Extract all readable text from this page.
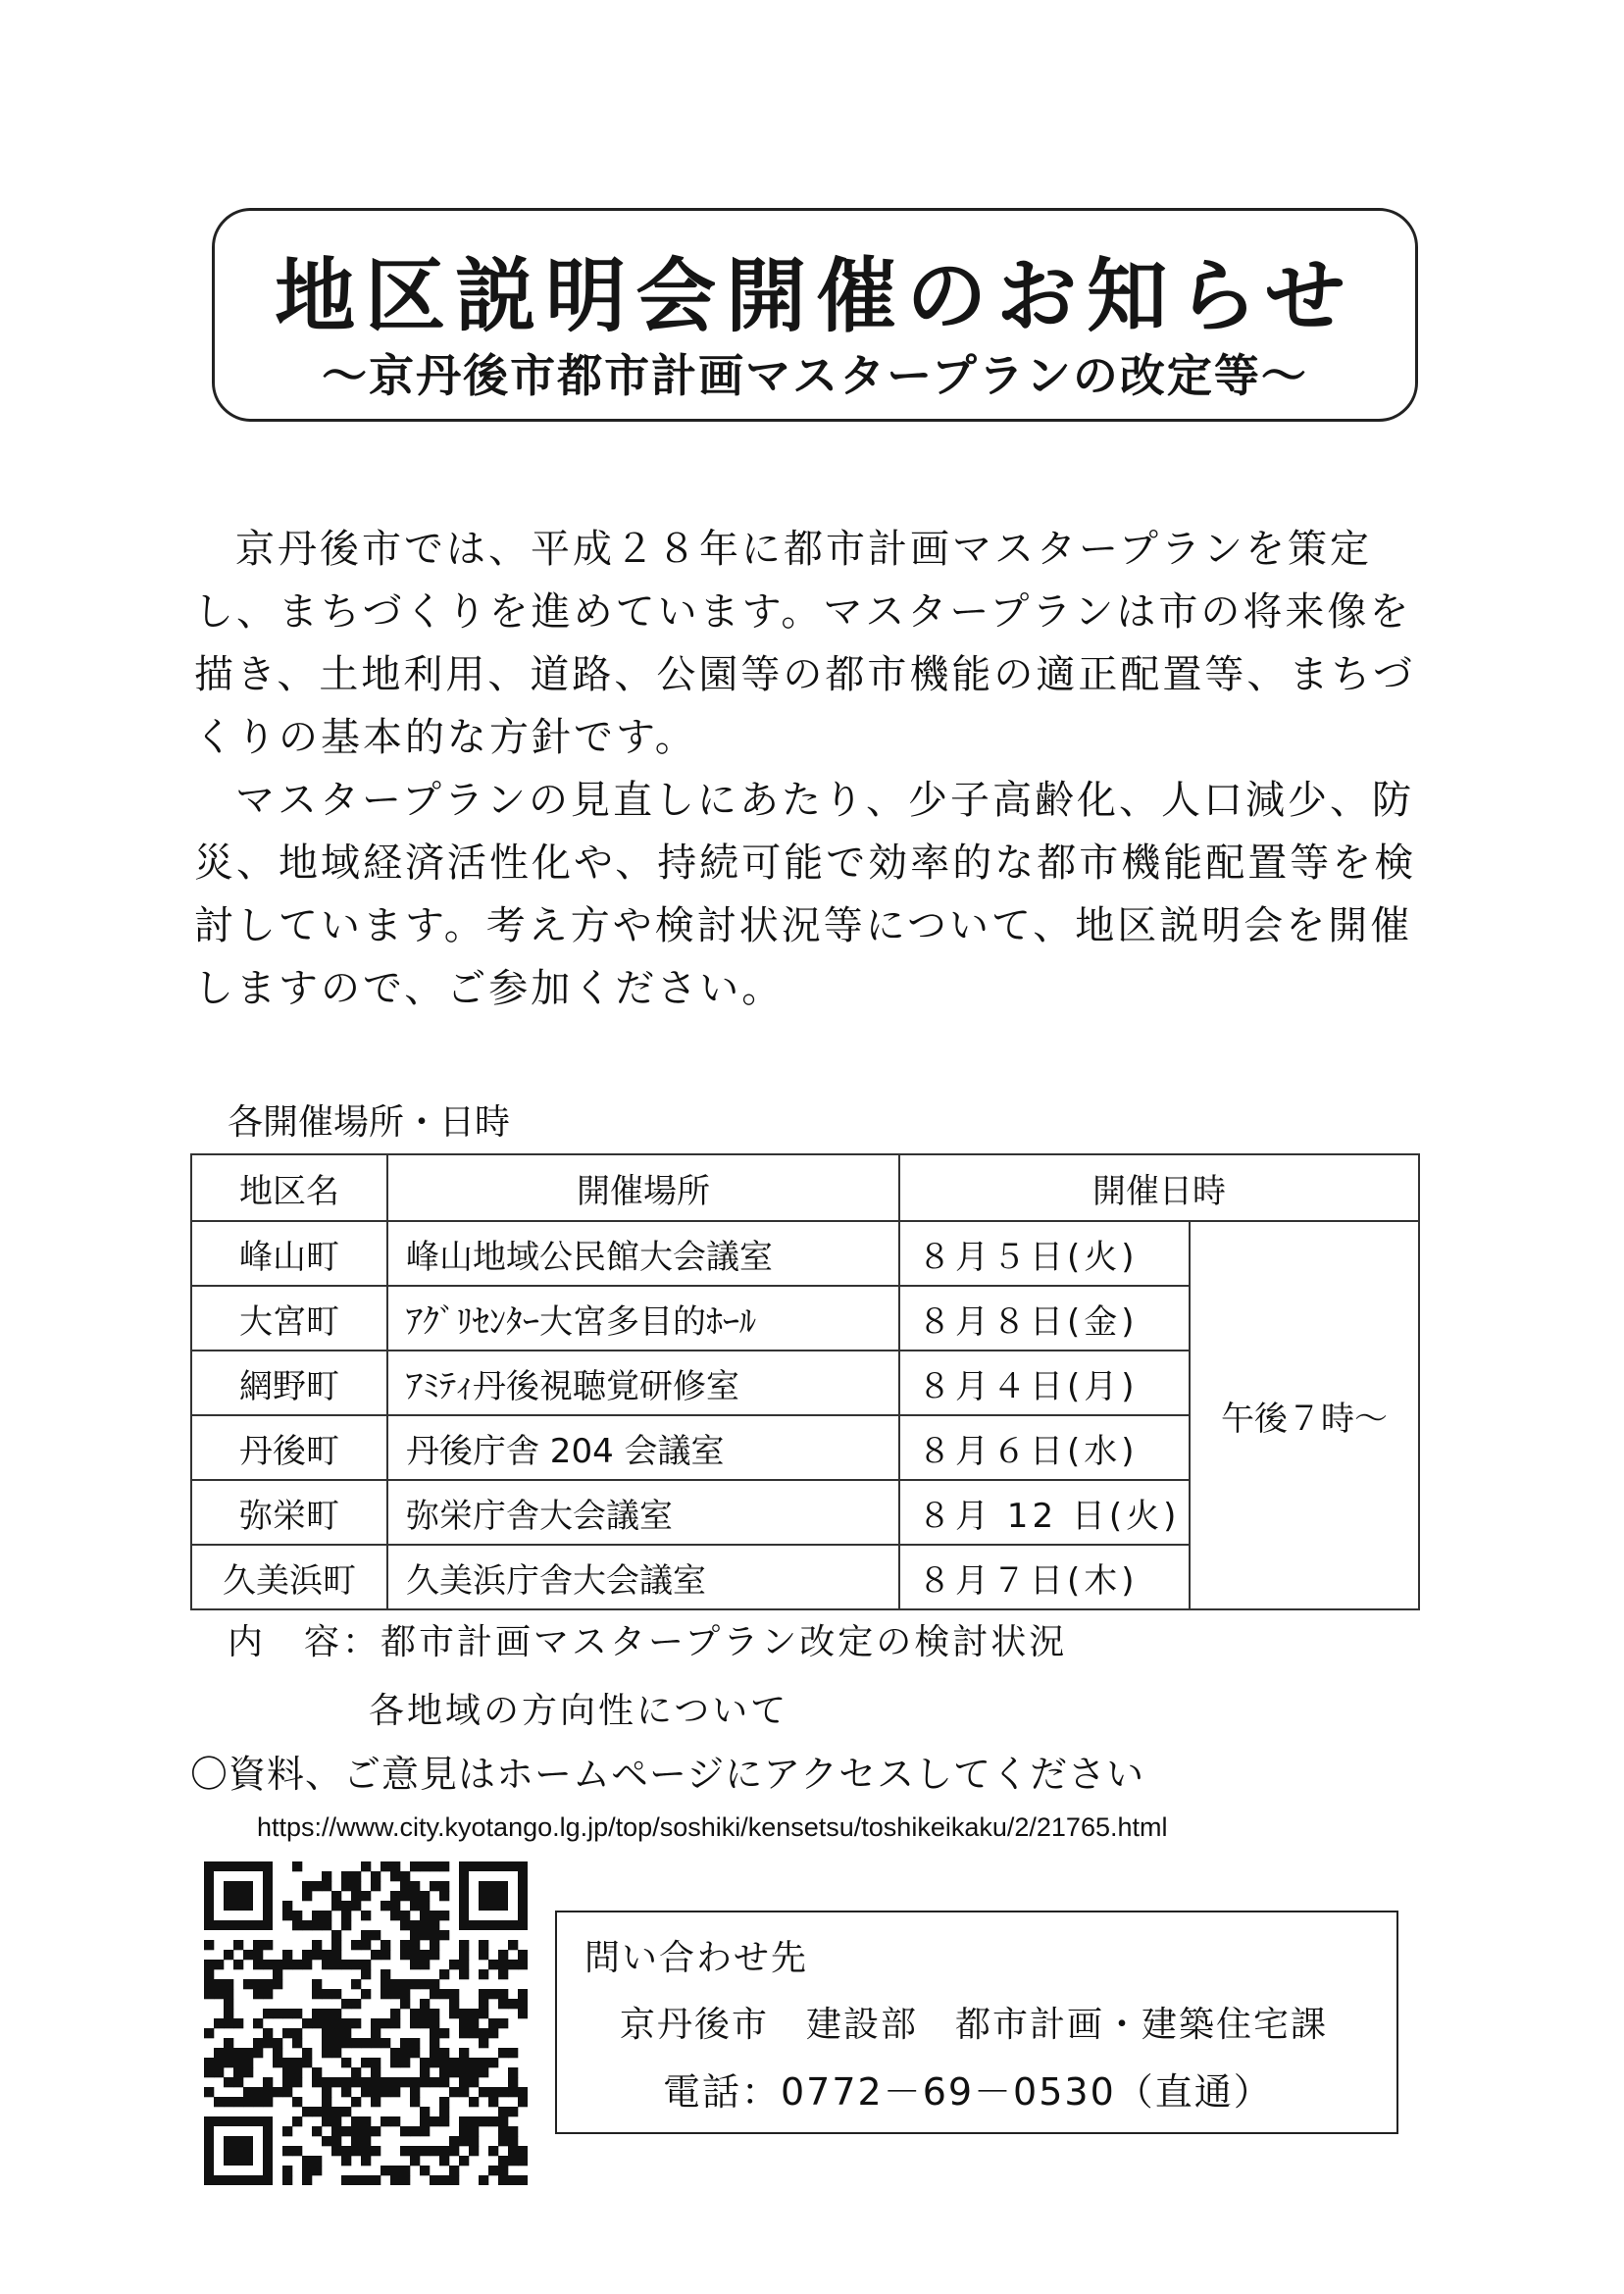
地区説明会開催のお知らせ
～京丹後市都市計画マスタープランの改定等～

京丹後市では、平成２８年に都市計画マスタープランを策定し、まちづくりを進めています。マスタープランは市の将来像を描き、土地利用、道路、公園等の都市機能の適正配置等、まちづくりの基本的な方針です。

マスタープランの見直しにあたり、少子高齢化、人口減少、防災、地域経済活性化や、持続可能で効率的な都市機能配置等を検討しています。考え方や検討状況等について、地区説明会を開催しますので、ご参加ください。

各開催場所・日時
地区名	開催場所	開催日時	
峰山町	峰山地域公民館大会議室	８月５日(火)	午後７時～
大宮町	ｱｸﾞﾘｾﾝﾀｰ大宮多目的ﾎｰﾙ	８月８日(金)	
網野町	ｱﾐﾃｨ丹後視聴覚研修室	８月４日(月)	
丹後町	丹後庁舎 204 会議室	８月６日(水)	
弥栄町	弥栄庁舎大会議室	８月 12 日(火)	
久美浜町	久美浜庁舎大会議室	８月７日(木)	
内　容：都市計画マスタープラン改定の検討状況
各地域の方向性について
〇資料、ご意見はホームページにアクセスしてください
https://www.city.kyotango.lg.jp/top/soshiki/kensetsu/toshikeikaku/2/21765.html
問い合わせ先
京丹後市　建設部　都市計画・建築住宅課
電話：0772－69－0530（直通）
